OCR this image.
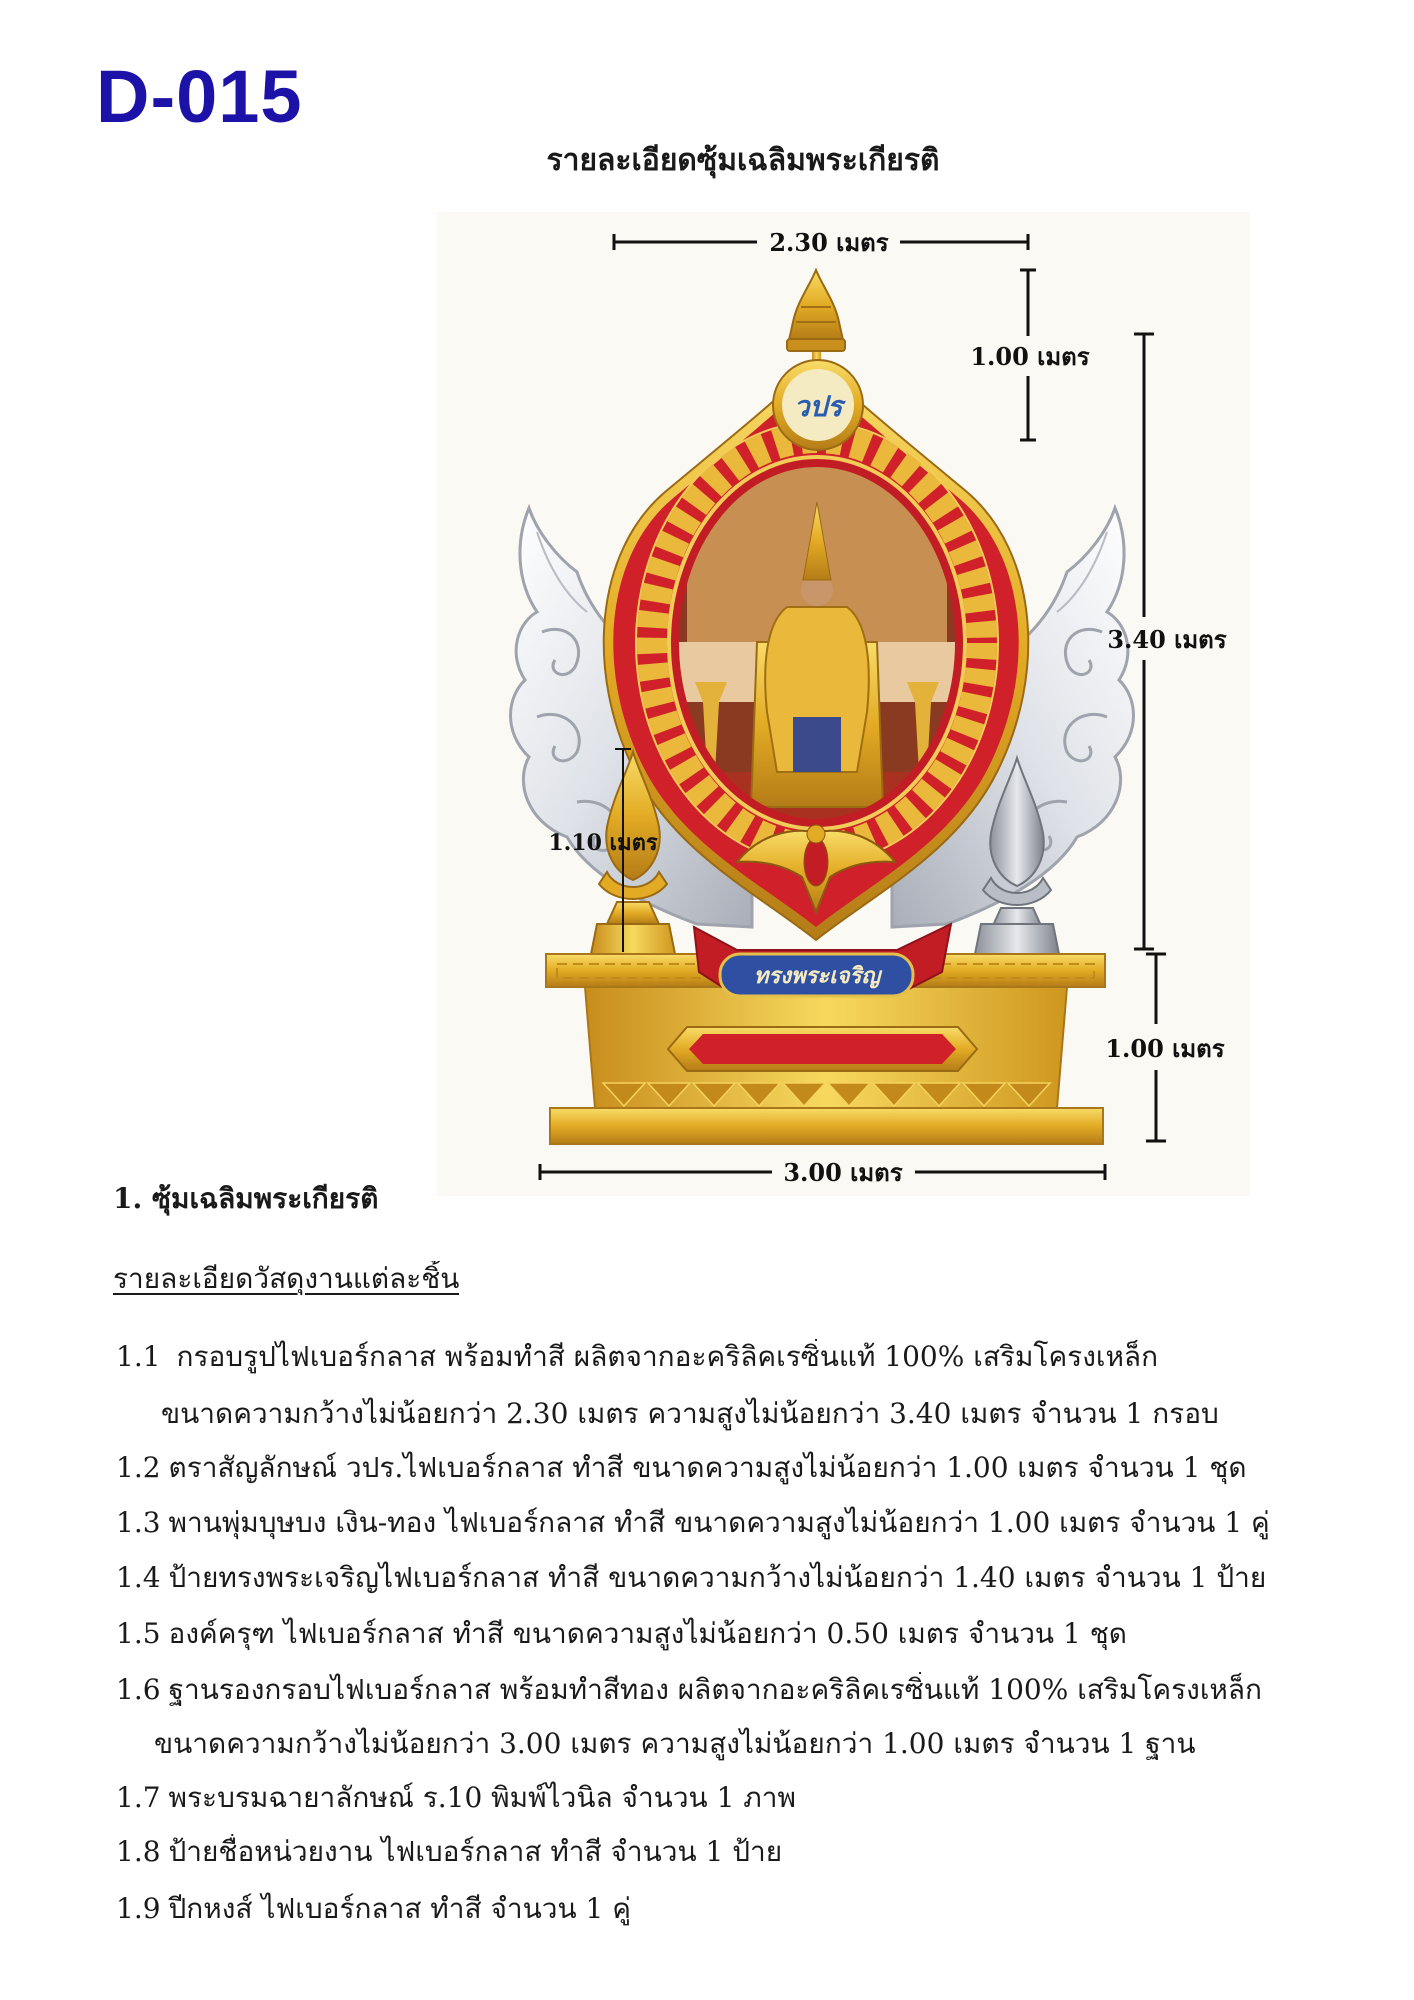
D-015
รายละเอียดซุ้มเฉลิมพระเกียรติ
วปร
ทรงพระเจริญ
2.30 เมตร
1.00 เมตร
3.40 เมตร
1.10 เมตร
1.00 เมตร
3.00 เมตร
1. ซุ้มเฉลิมพระเกียรติ
รายละเอียดวัสดุงานแต่ละชิ้น
1.1 กรอบรูปไฟเบอร์กลาส พร้อมทำสี ผลิตจากอะคริลิคเรซิ่นแท้ 100% เสริมโครงเหล็ก
ขนาดความกว้างไม่น้อยกว่า 2.30 เมตร ความสูงไม่น้อยกว่า 3.40 เมตร จำนวน 1 กรอบ
1.2 ตราสัญลักษณ์ วปร.ไฟเบอร์กลาส ทำสี ขนาดความสูงไม่น้อยกว่า 1.00 เมตร จำนวน 1 ชุด
1.3 พานพุ่มบุษบง เงิน-ทอง ไฟเบอร์กลาส ทำสี ขนาดความสูงไม่น้อยกว่า 1.00 เมตร จำนวน 1 คู่
1.4 ป้ายทรงพระเจริญไฟเบอร์กลาส ทำสี ขนาดความกว้างไม่น้อยกว่า 1.40 เมตร จำนวน 1 ป้าย
1.5 องค์ครุฑ ไฟเบอร์กลาส ทำสี ขนาดความสูงไม่น้อยกว่า 0.50 เมตร จำนวน 1 ชุด
1.6 ฐานรองกรอบไฟเบอร์กลาส พร้อมทำสีทอง ผลิตจากอะคริลิคเรซิ่นแท้ 100% เสริมโครงเหล็ก
ขนาดความกว้างไม่น้อยกว่า 3.00 เมตร ความสูงไม่น้อยกว่า 1.00 เมตร จำนวน 1 ฐาน
1.7 พระบรมฉายาลักษณ์ ร.10 พิมพ์ไวนิล จำนวน 1 ภาพ
1.8 ป้ายชื่อหน่วยงาน ไฟเบอร์กลาส ทำสี จำนวน 1 ป้าย
1.9 ปีกหงส์ ไฟเบอร์กลาส ทำสี จำนวน 1 คู่
